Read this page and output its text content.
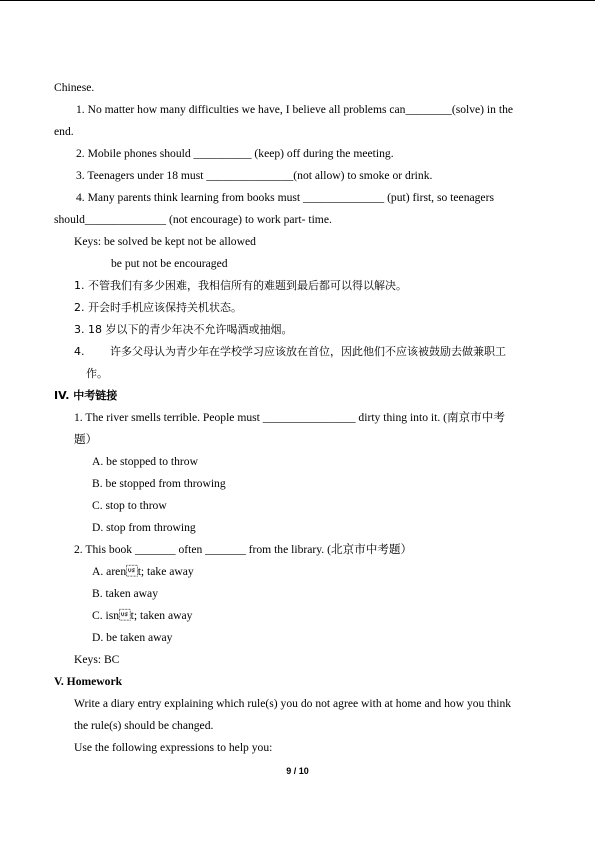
Chinese.
1. No matter how many difficulties we have, I believe all problems can________(solve) in the
end.
2. Mobile phones should __________ (keep) off during the meeting.
3. Teenagers under 18 must _______________(not allow) to smoke or drink.
4. Many parents think learning from books must ______________ (put) first, so teenagers
should______________ (not encourage) to work part- time.
Keys: be solved be kept not be allowed
be put not be encouraged
1. 不管我们有多少困难，我相信所有的难题到最后都可以得以解决。
2. 开会时手机应该保持关机状态。
3. 18 岁以下的青少年决不允许喝酒或抽烟。
4. 许多父母认为青少年在学校学习应该放在首位，因此他们不应该被鼓励去做兼职工
作。
IV. 中考链接
1. The river smells terrible. People must ________________ dirty thing into it. (南京市中考
题）
A. be stopped to throw
B. be stopped from throwing
C. stop to throw
D. stop from throwing
2. This book _______ often _______ from the library. (北京市中考题）
A. arent; take away
B. taken away
C. isnt; taken away
D. be taken away
Keys: BC
V. Homework
Write a diary entry explaining which rule(s) you do not agree with at home and how you think
the rule(s) should be changed.
Use the following expressions to help you:
9 / 10
